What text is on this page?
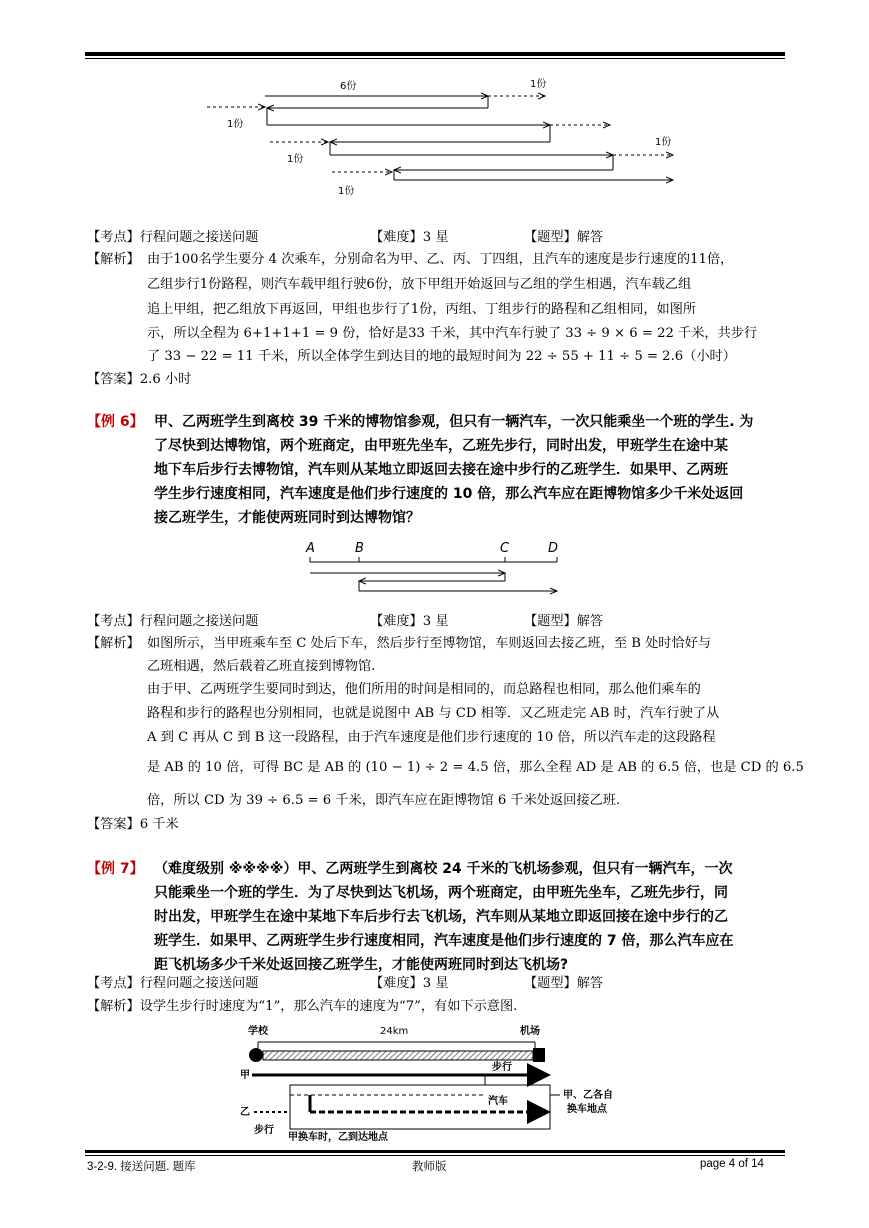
6份	1份
1份
1份
1份
1份
【考点】行程问题之接送问题	【难度】3 星	【题型】解答
【解析】 由于100名学生要分 4 次乘车，分别命名为甲、乙、丙、丁四组，且汽车的速度是步行速度的11倍，
乙组步行1份路程，则汽车载甲组行驶6份，放下甲组开始返回与乙组的学生相遇，汽车载乙组
追上甲组，把乙组放下再返回，甲组也步行了1份，丙组、丁组步行的路程和乙组相同，如图所
示，所以全程为 6+1+1+1 = 9 份，恰好是33 千米，其中汽车行驶了 33 ÷ 9 × 6 = 22 千米，共步行
了 33 − 22 = 11 千米，所以全体学生到达目的地的最短时间为 22 ÷ 55 + 11 ÷ 5 = 2.6（小时）
【答案】2.6 小时
【例 6】 甲、乙两班学生到离校 39 千米的博物馆参观，但只有一辆汽车，一次只能乘坐一个班的学生. 为
了尽快到达博物馆，两个班商定，由甲班先坐车，乙班先步行，同时出发，甲班学生在途中某
地下车后步行去博物馆，汽车则从某地立即返回去接在途中步行的乙班学生．如果甲、乙两班
学生步行速度相同，汽车速度是他们步行速度的 10 倍，那么汽车应在距博物馆多少千米处返回
接乙班学生，才能使两班同时到达博物馆？
A	B	C	D
【考点】行程问题之接送问题	【难度】3 星	【题型】解答
【解析】 如图所示，当甲班乘车至 C 处后下车，然后步行至博物馆，车则返回去接乙班，至 B 处时恰好与
乙班相遇，然后载着乙班直接到博物馆.
由于甲、乙两班学生要同时到达，他们所用的时间是相同的，而总路程也相同，那么他们乘车的
路程和步行的路程也分别相同，也就是说图中 AB 与 CD 相等．又乙班走完 AB 时，汽车行驶了从
A 到 C 再从 C 到 B 这一段路程，由于汽车速度是他们步行速度的 10 倍，所以汽车走的这段路程
是 AB 的 10 倍，可得 BC 是 AB 的 (10 − 1) ÷ 2 = 4.5 倍，那么全程 AD 是 AB 的 6.5 倍，也是 CD 的 6.5
倍，所以 CD 为 39 ÷ 6.5 = 6 千米，即汽车应在距博物馆 6 千米处返回接乙班.
【答案】6 千米
【例 7】 （难度级别 ※※※※）甲、乙两班学生到离校 24 千米的飞机场参观，但只有一辆汽车，一次
只能乘坐一个班的学生．为了尽快到达飞机场，两个班商定，由甲班先坐车，乙班先步行，同
时出发，甲班学生在途中某地下车后步行去飞机场，汽车则从某地立即返回接在途中步行的乙
班学生．如果甲、乙两班学生步行速度相同，汽车速度是他们步行速度的 7 倍，那么汽车应在
距飞机场多少千米处返回接乙班学生，才能使两班同时到达飞机场?
【考点】行程问题之接送问题	【难度】3 星	【题型】解答
【解析】设学生步行时速度为“1”，那么汽车的速度为“7”，有如下示意图.
学校	24km	机场
甲
步行
甲、乙各自
换车地点
汽车
乙
步行
甲换车时，乙到达地点
3-2-9. 接送问题. 题库	教师版	page 4 of 14
